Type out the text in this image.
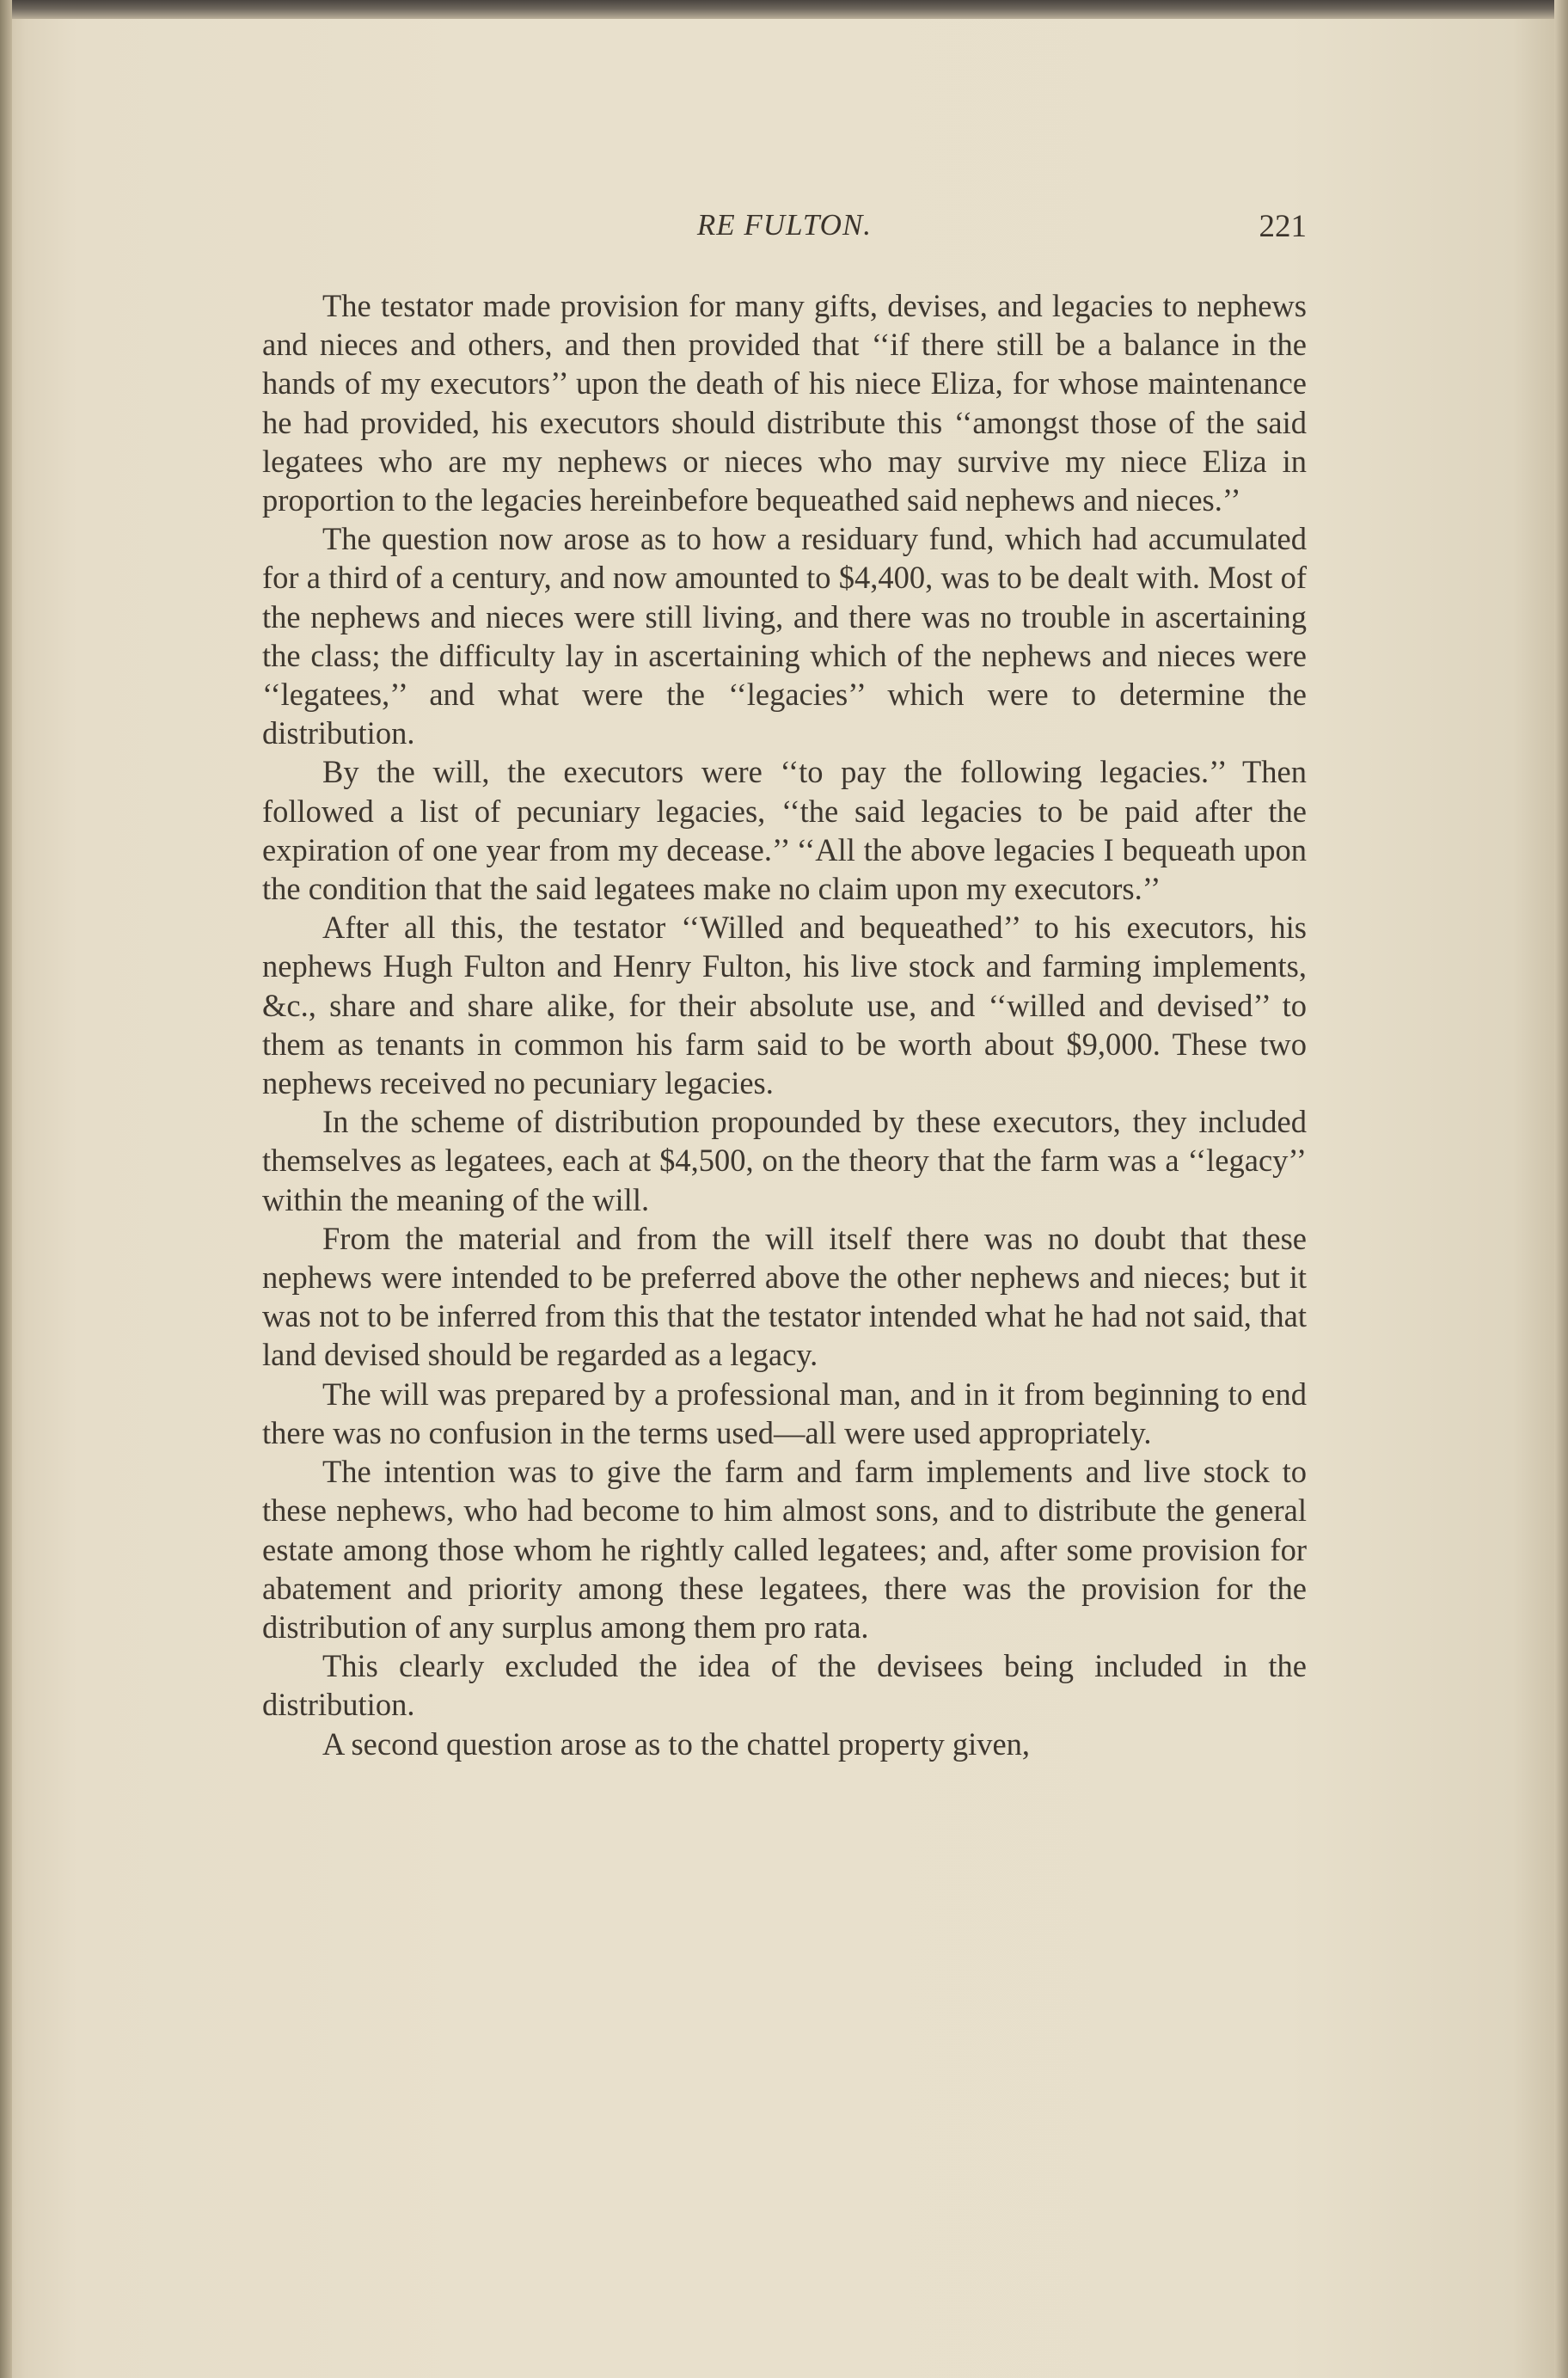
RE FULTON.	221

The testator made provision for many gifts, devises, and legacies to nephews and nieces and others, and then provided that ‘‘if there still be a balance in the hands of my executors’’ upon the death of his niece Eliza, for whose maintenance he had provided, his executors should distribute this ‘‘amongst those of the said legatees who are my nephews or nieces who may survive my niece Eliza in proportion to the legacies hereinbefore bequeathed said nephews and nieces.’’

The question now arose as to how a residuary fund, which had accumulated for a third of a century, and now amounted to $4,400, was to be dealt with. Most of the nephews and nieces were still living, and there was no trouble in ascertaining the class; the difficulty lay in ascertaining which of the nephews and nieces were ‘‘legatees,’’ and what were the ‘‘legacies’’ which were to determine the distribution.

By the will, the executors were ‘‘to pay the following legacies.’’ Then followed a list of pecuniary legacies, ‘‘the said legacies to be paid after the expiration of one year from my decease.’’ ‘‘All the above legacies I bequeath upon the condition that the said legatees make no claim upon my executors.’’

After all this, the testator ‘‘Willed and bequeathed’’ to his executors, his nephews Hugh Fulton and Henry Fulton, his live stock and farming implements, &c., share and share alike, for their absolute use, and ‘‘willed and devised’’ to them as tenants in common his farm said to be worth about $9,000. These two nephews received no pecuniary legacies.

In the scheme of distribution propounded by these executors, they included themselves as legatees, each at $4,500, on the theory that the farm was a ‘‘legacy’’ within the meaning of the will.

From the material and from the will itself there was no doubt that these nephews were intended to be preferred above the other nephews and nieces; but it was not to be inferred from this that the testator intended what he had not said, that land devised should be regarded as a legacy.

The will was prepared by a professional man, and in it from beginning to end there was no confusion in the terms used—all were used appropriately.

The intention was to give the farm and farm implements and live stock to these nephews, who had become to him almost sons, and to distribute the general estate among those whom he rightly called legatees; and, after some provision for abatement and priority among these legatees, there was the provision for the distribution of any surplus among them pro rata.

This clearly excluded the idea of the devisees being included in the distribution.

A second question arose as to the chattel property given,
